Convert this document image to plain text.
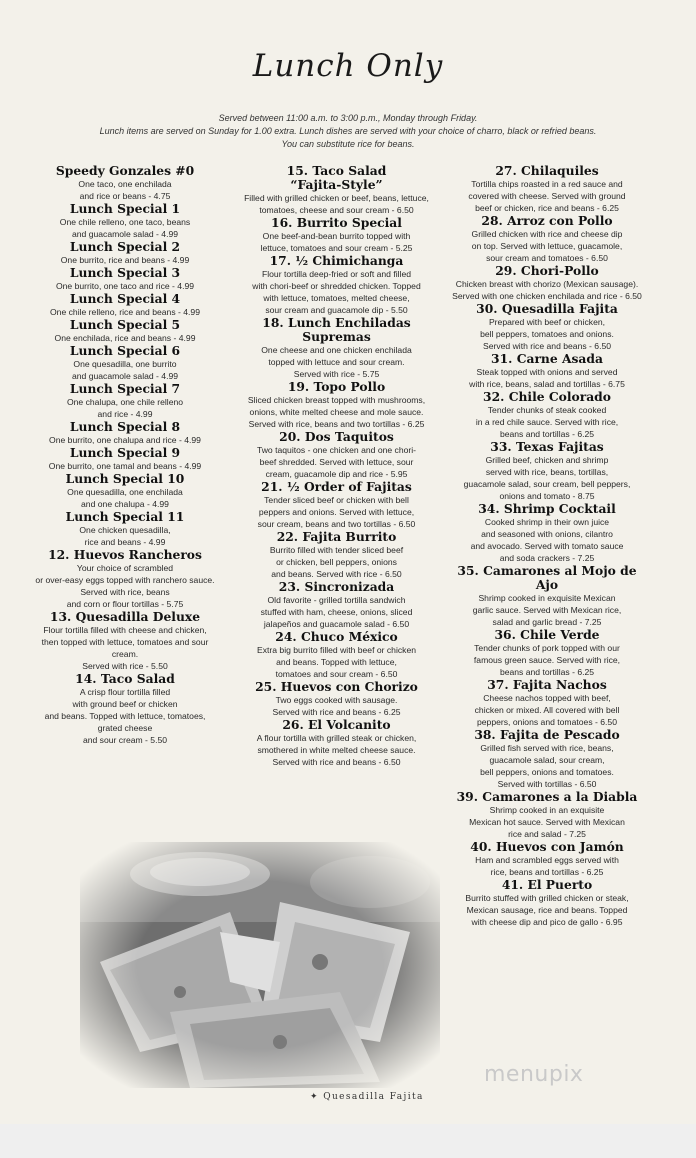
Lunch Only
Served between 11:00 a.m. to 3:00 p.m., Monday through Friday.
Lunch items are served on Sunday for 1.00 extra. Lunch dishes are served with your choice of charro, black or refried beans.
You can substitute rice for beans.
Speedy Gonzales #0
One taco, one enchilada
and rice or beans - 4.75
Lunch Special 1
One chile relleno, one taco, beans
and guacamole salad - 4.99
Lunch Special 2
One burrito, rice and beans - 4.99
Lunch Special 3
One burrito, one taco and rice - 4.99
Lunch Special 4
One chile relleno, rice and beans - 4.99
Lunch Special 5
One enchilada, rice and beans - 4.99
Lunch Special 6
One quesadilla, one burrito
and guacamole salad - 4.99
Lunch Special 7
One chalupa, one chile relleno
and rice - 4.99
Lunch Special 8
One burrito, one chalupa and rice - 4.99
Lunch Special 9
One burrito, one tamal and beans - 4.99
Lunch Special 10
One quesadilla, one enchilada
and one chalupa - 4.99
Lunch Special 11
One chicken quesadilla,
rice and beans - 4.99
12. Huevos Rancheros
Your choice of scrambled
or over-easy eggs topped with ranchero sauce.
Served with rice, beans
and corn or flour tortillas - 5.75
13. Quesadilla Deluxe
Flour tortilla filled with cheese and chicken,
then topped with lettuce, tomatoes and sour
cream.
Served with rice - 5.50
14. Taco Salad
A crisp flour tortilla filled
with ground beef or chicken
and beans. Topped with lettuce, tomatoes,
grated cheese
and sour cream - 5.50
15. Taco Salad
“Fajita-Style”
Filled with grilled chicken or beef, beans, lettuce,
tomatoes, cheese and sour cream - 6.50
16. Burrito Special
One beef-and-bean burrito topped with
lettuce, tomatoes and sour cream - 5.25
17. ½ Chimichanga
Flour tortilla deep-fried or soft and filled
with chori-beef or shredded chicken. Topped
with lettuce, tomatoes, melted cheese,
sour cream and guacamole dip - 5.50
18. Lunch Enchiladas Supremas
One cheese and one chicken enchilada
topped with lettuce and sour cream.
Served with rice - 5.75
19. Topo Pollo
Sliced chicken breast topped with mushrooms,
onions, white melted cheese and mole sauce.
Served with rice, beans and two tortillas - 6.25
20. Dos Taquitos
Two taquitos - one chicken and one chori-
beef shredded. Served with lettuce, sour
cream, guacamole dip and rice - 5.95
21. ½ Order of Fajitas
Tender sliced beef or chicken with bell
peppers and onions. Served with lettuce,
sour cream, beans and two tortillas - 6.50
22. Fajita Burrito
Burrito filled with tender sliced beef
or chicken, bell peppers, onions
and beans. Served with rice - 6.50
23. Sincronizada
Old favorite - grilled tortilla sandwich
stuffed with ham, cheese, onions, sliced
jalapeños and guacamole salad - 6.50
24. Chuco México
Extra big burrito filled with beef or chicken
and beans. Topped with lettuce,
tomatoes and sour cream - 6.50
25. Huevos con Chorizo
Two eggs cooked with sausage.
Served with rice and beans - 6.25
26. El Volcanito
A flour tortilla with grilled steak or chicken,
smothered in white melted cheese sauce.
Served with rice and beans - 6.50
27. Chilaquiles
Tortilla chips roasted in a red sauce and
covered with cheese. Served with ground
beef or chicken, rice and beans - 6.25
28. Arroz con Pollo
Grilled chicken with rice and cheese dip
on top. Served with lettuce, guacamole,
sour cream and tomatoes - 6.50
29. Chori-Pollo
Chicken breast with chorizo (Mexican sausage).
Served with one chicken enchilada and rice - 6.50
30. Quesadilla Fajita
Prepared with beef or chicken,
bell peppers, tomatoes and onions.
Served with rice and beans - 6.50
31. Carne Asada
Steak topped with onions and served
with rice, beans, salad and tortillas - 6.75
32. Chile Colorado
Tender chunks of steak cooked
in a red chile sauce. Served with rice,
beans and tortillas - 6.25
33. Texas Fajitas
Grilled beef, chicken and shrimp
served with rice, beans, tortillas,
guacamole salad, sour cream, bell peppers,
onions and tomato - 8.75
34. Shrimp Cocktail
Cooked shrimp in their own juice
and seasoned with onions, cilantro
and avocado. Served with tomato sauce
and soda crackers - 7.25
35. Camarones al Mojo de Ajo
Shrimp cooked in exquisite Mexican
garlic sauce. Served with Mexican rice,
salad and garlic bread - 7.25
36. Chile Verde
Tender chunks of pork topped with our
famous green sauce. Served with rice,
beans and tortillas - 6.25
37. Fajita Nachos
Cheese nachos topped with beef,
chicken or mixed. All covered with bell
peppers, onions and tomatoes - 6.50
38. Fajita de Pescado
Grilled fish served with rice, beans,
guacamole salad, sour cream,
bell peppers, onions and tomatoes.
Served with tortillas - 6.50
39. Camarones a la Diabla
Shrimp cooked in an exquisite
Mexican hot sauce. Served with Mexican
rice and salad - 7.25
40. Huevos con Jamón
Ham and scrambled eggs served with
rice, beans and tortillas - 6.25
41. El Puerto
Burrito stuffed with grilled chicken or steak,
Mexican sausage, rice and beans. Topped
with cheese dip and pico de gallo - 6.95
✦ Quesadilla Fajita
menupix
